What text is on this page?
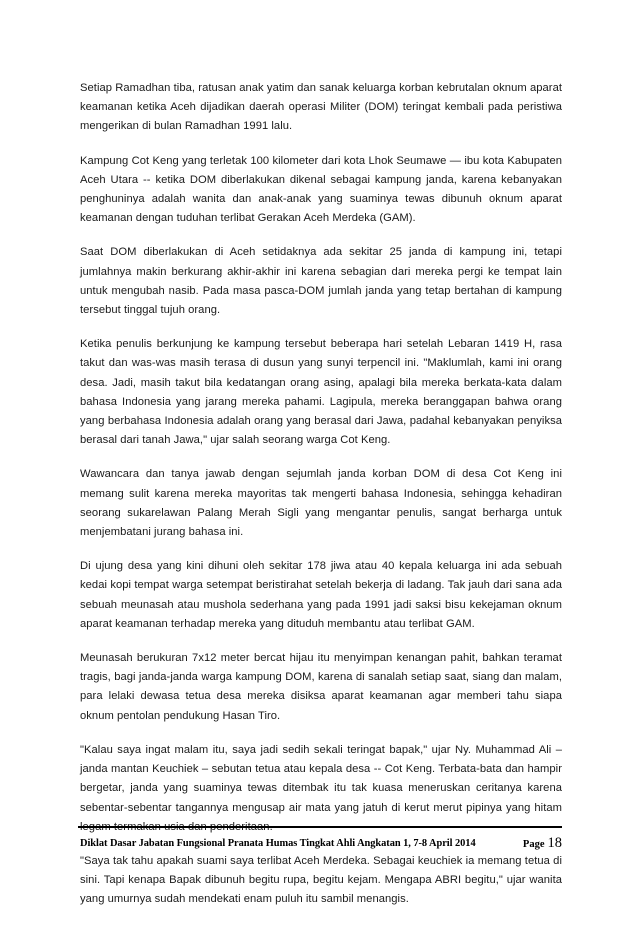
Setiap Ramadhan tiba, ratusan anak yatim dan sanak keluarga korban kebrutalan oknum aparat keamanan ketika Aceh dijadikan daerah operasi Militer (DOM) teringat kembali pada peristiwa mengerikan di bulan Ramadhan 1991 lalu.

Kampung Cot Keng yang terletak 100 kilometer dari kota Lhok Seumawe — ibu kota Kabupaten Aceh Utara -- ketika DOM diberlakukan dikenal sebagai kampung janda, karena kebanyakan penghuninya adalah wanita dan anak-anak yang suaminya tewas dibunuh oknum aparat keamanan dengan tuduhan terlibat Gerakan Aceh Merdeka (GAM).

Saat DOM diberlakukan di Aceh setidaknya ada sekitar 25 janda di kampung ini, tetapi jumlahnya makin berkurang akhir-akhir ini karena sebagian dari mereka pergi ke tempat lain untuk mengubah nasib. Pada masa pasca-DOM jumlah janda yang tetap bertahan di kampung tersebut tinggal tujuh orang.

Ketika penulis berkunjung ke kampung tersebut beberapa hari setelah Lebaran 1419 H, rasa takut dan was-was masih terasa di dusun yang sunyi terpencil ini. "Maklumlah, kami ini orang desa. Jadi, masih takut bila kedatangan orang asing, apalagi bila mereka berkata-kata dalam bahasa Indonesia yang jarang mereka pahami. Lagipula, mereka beranggapan bahwa orang yang berbahasa Indonesia adalah orang yang berasal dari Jawa, padahal kebanyakan penyiksa berasal dari tanah Jawa," ujar salah seorang warga Cot Keng.

Wawancara dan tanya jawab dengan sejumlah janda korban DOM di desa Cot Keng ini memang sulit karena mereka mayoritas tak mengerti bahasa Indonesia, sehingga kehadiran seorang sukarelawan Palang Merah Sigli yang mengantar penulis, sangat berharga untuk menjembatani jurang bahasa ini.

Di ujung desa yang kini dihuni oleh sekitar 178 jiwa atau 40 kepala keluarga ini ada sebuah kedai kopi tempat warga setempat beristirahat setelah bekerja di ladang. Tak jauh dari sana ada sebuah meunasah atau mushola sederhana yang pada 1991 jadi saksi bisu kekejaman oknum aparat keamanan terhadap mereka yang dituduh membantu atau terlibat GAM.

Meunasah berukuran 7x12 meter bercat hijau itu menyimpan kenangan pahit, bahkan teramat tragis, bagi janda-janda warga kampung DOM, karena di sanalah setiap saat, siang dan malam, para lelaki dewasa tetua desa mereka disiksa aparat keamanan agar memberi tahu siapa oknum pentolan pendukung Hasan Tiro.

"Kalau saya ingat malam itu, saya jadi sedih sekali teringat bapak," ujar Ny. Muhammad Ali – janda mantan Keuchiek – sebutan tetua atau kepala desa -- Cot Keng. Terbata-bata dan hampir bergetar, janda yang suaminya tewas ditembak itu tak kuasa meneruskan ceritanya karena sebentar-sebentar tangannya mengusap air mata yang jatuh di kerut merut pipinya yang hitam legam termakan usia dan penderitaan.

"Saya tak tahu apakah suami saya terlibat Aceh Merdeka. Sebagai keuchiek ia memang tetua di sini. Tapi kenapa Bapak dibunuh begitu rupa, begitu kejam. Mengapa ABRI begitu," ujar wanita yang umurnya sudah mendekati enam puluh itu sambil menangis.

Diklat Dasar Jabatan Fungsional Pranata Humas Tingkat Ahli Angkatan 1, 7-8 April 2014	Page 18
